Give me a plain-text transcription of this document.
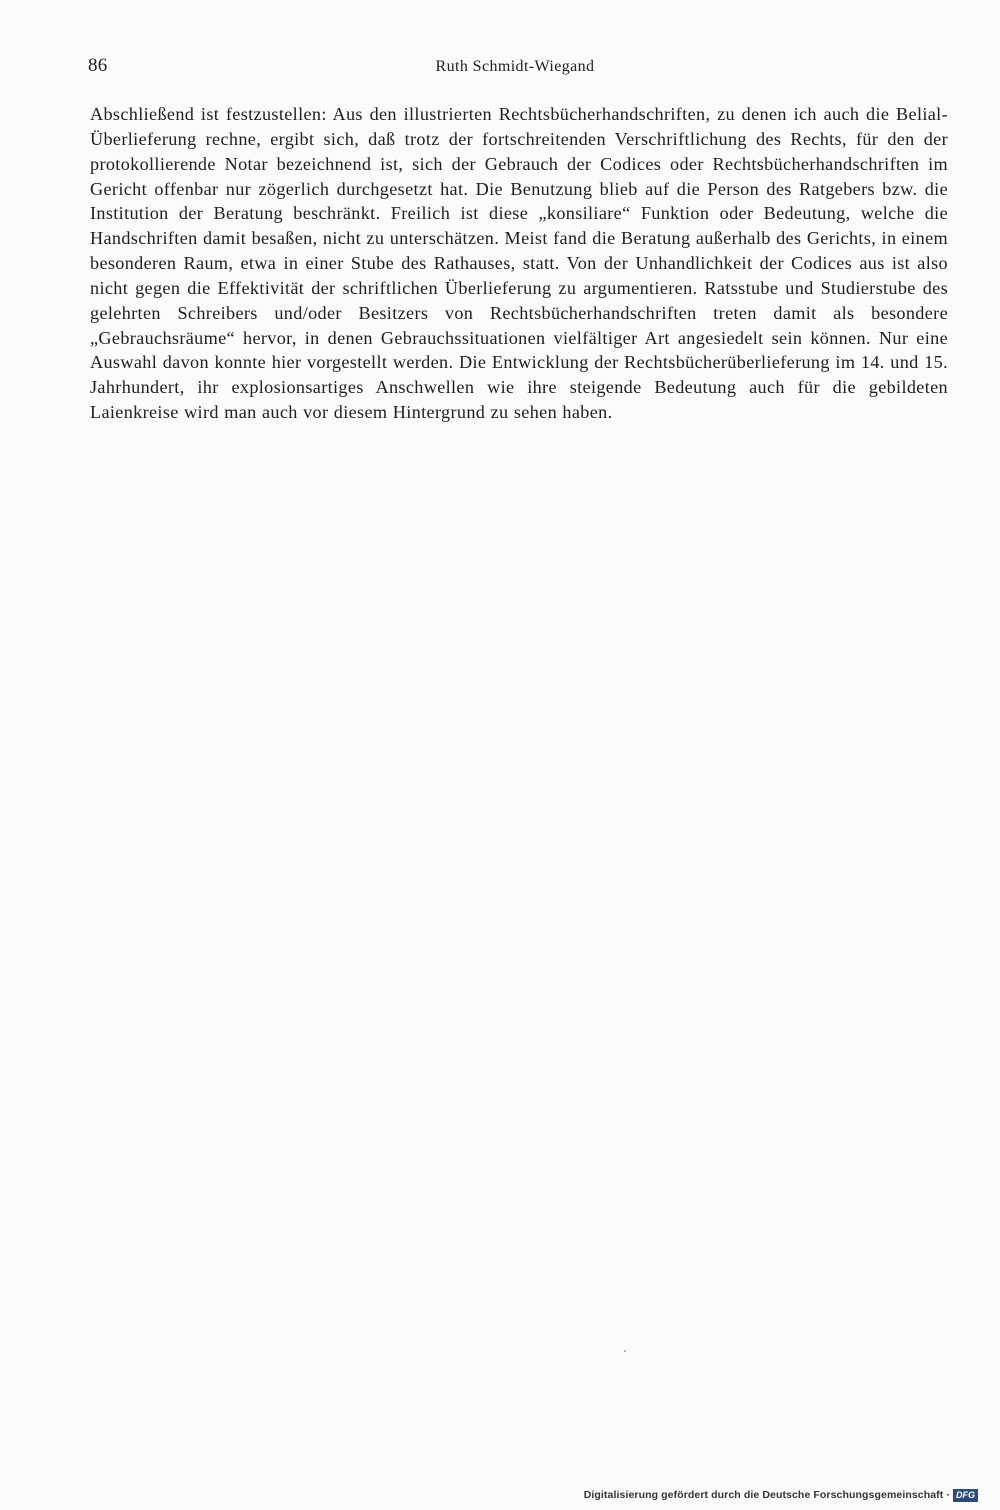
86	Ruth Schmidt-Wiegand

Abschließend ist festzustellen: Aus den illustrierten Rechtsbücherhandschriften, zu denen ich auch die Belial-Überlieferung rechne, ergibt sich, daß trotz der fortschreitenden Verschriftlichung des Rechts, für den der protokollierende Notar bezeichnend ist, sich der Gebrauch der Codices oder Rechtsbücherhandschriften im Gericht offenbar nur zögerlich durchgesetzt hat. Die Benutzung blieb auf die Person des Ratgebers bzw. die Institution der Beratung beschränkt. Freilich ist diese „konsiliare“ Funktion oder Bedeutung, welche die Handschriften damit besaßen, nicht zu unterschätzen. Meist fand die Beratung außerhalb des Gerichts, in einem besonderen Raum, etwa in einer Stube des Rathauses, statt. Von der Unhandlichkeit der Codices aus ist also nicht gegen die Effektivität der schriftlichen Überlieferung zu argumentieren. Ratsstube und Studierstube des gelehrten Schreibers und/oder Besitzers von Rechtsbücherhandschriften treten damit als besondere „Gebrauchsräume“ hervor, in denen Gebrauchssituationen vielfältiger Art angesiedelt sein können. Nur eine Auswahl davon konnte hier vorgestellt werden. Die Entwicklung der Rechtsbücherüberlieferung im 14. und 15. Jahrhundert, ihr explosionsartiges Anschwellen wie ihre steigende Bedeutung auch für die gebildeten Laienkreise wird man auch vor diesem Hintergrund zu sehen haben.

Digitalisierung gefördert durch die Deutsche Forschungsgemeinschaft · DFG
